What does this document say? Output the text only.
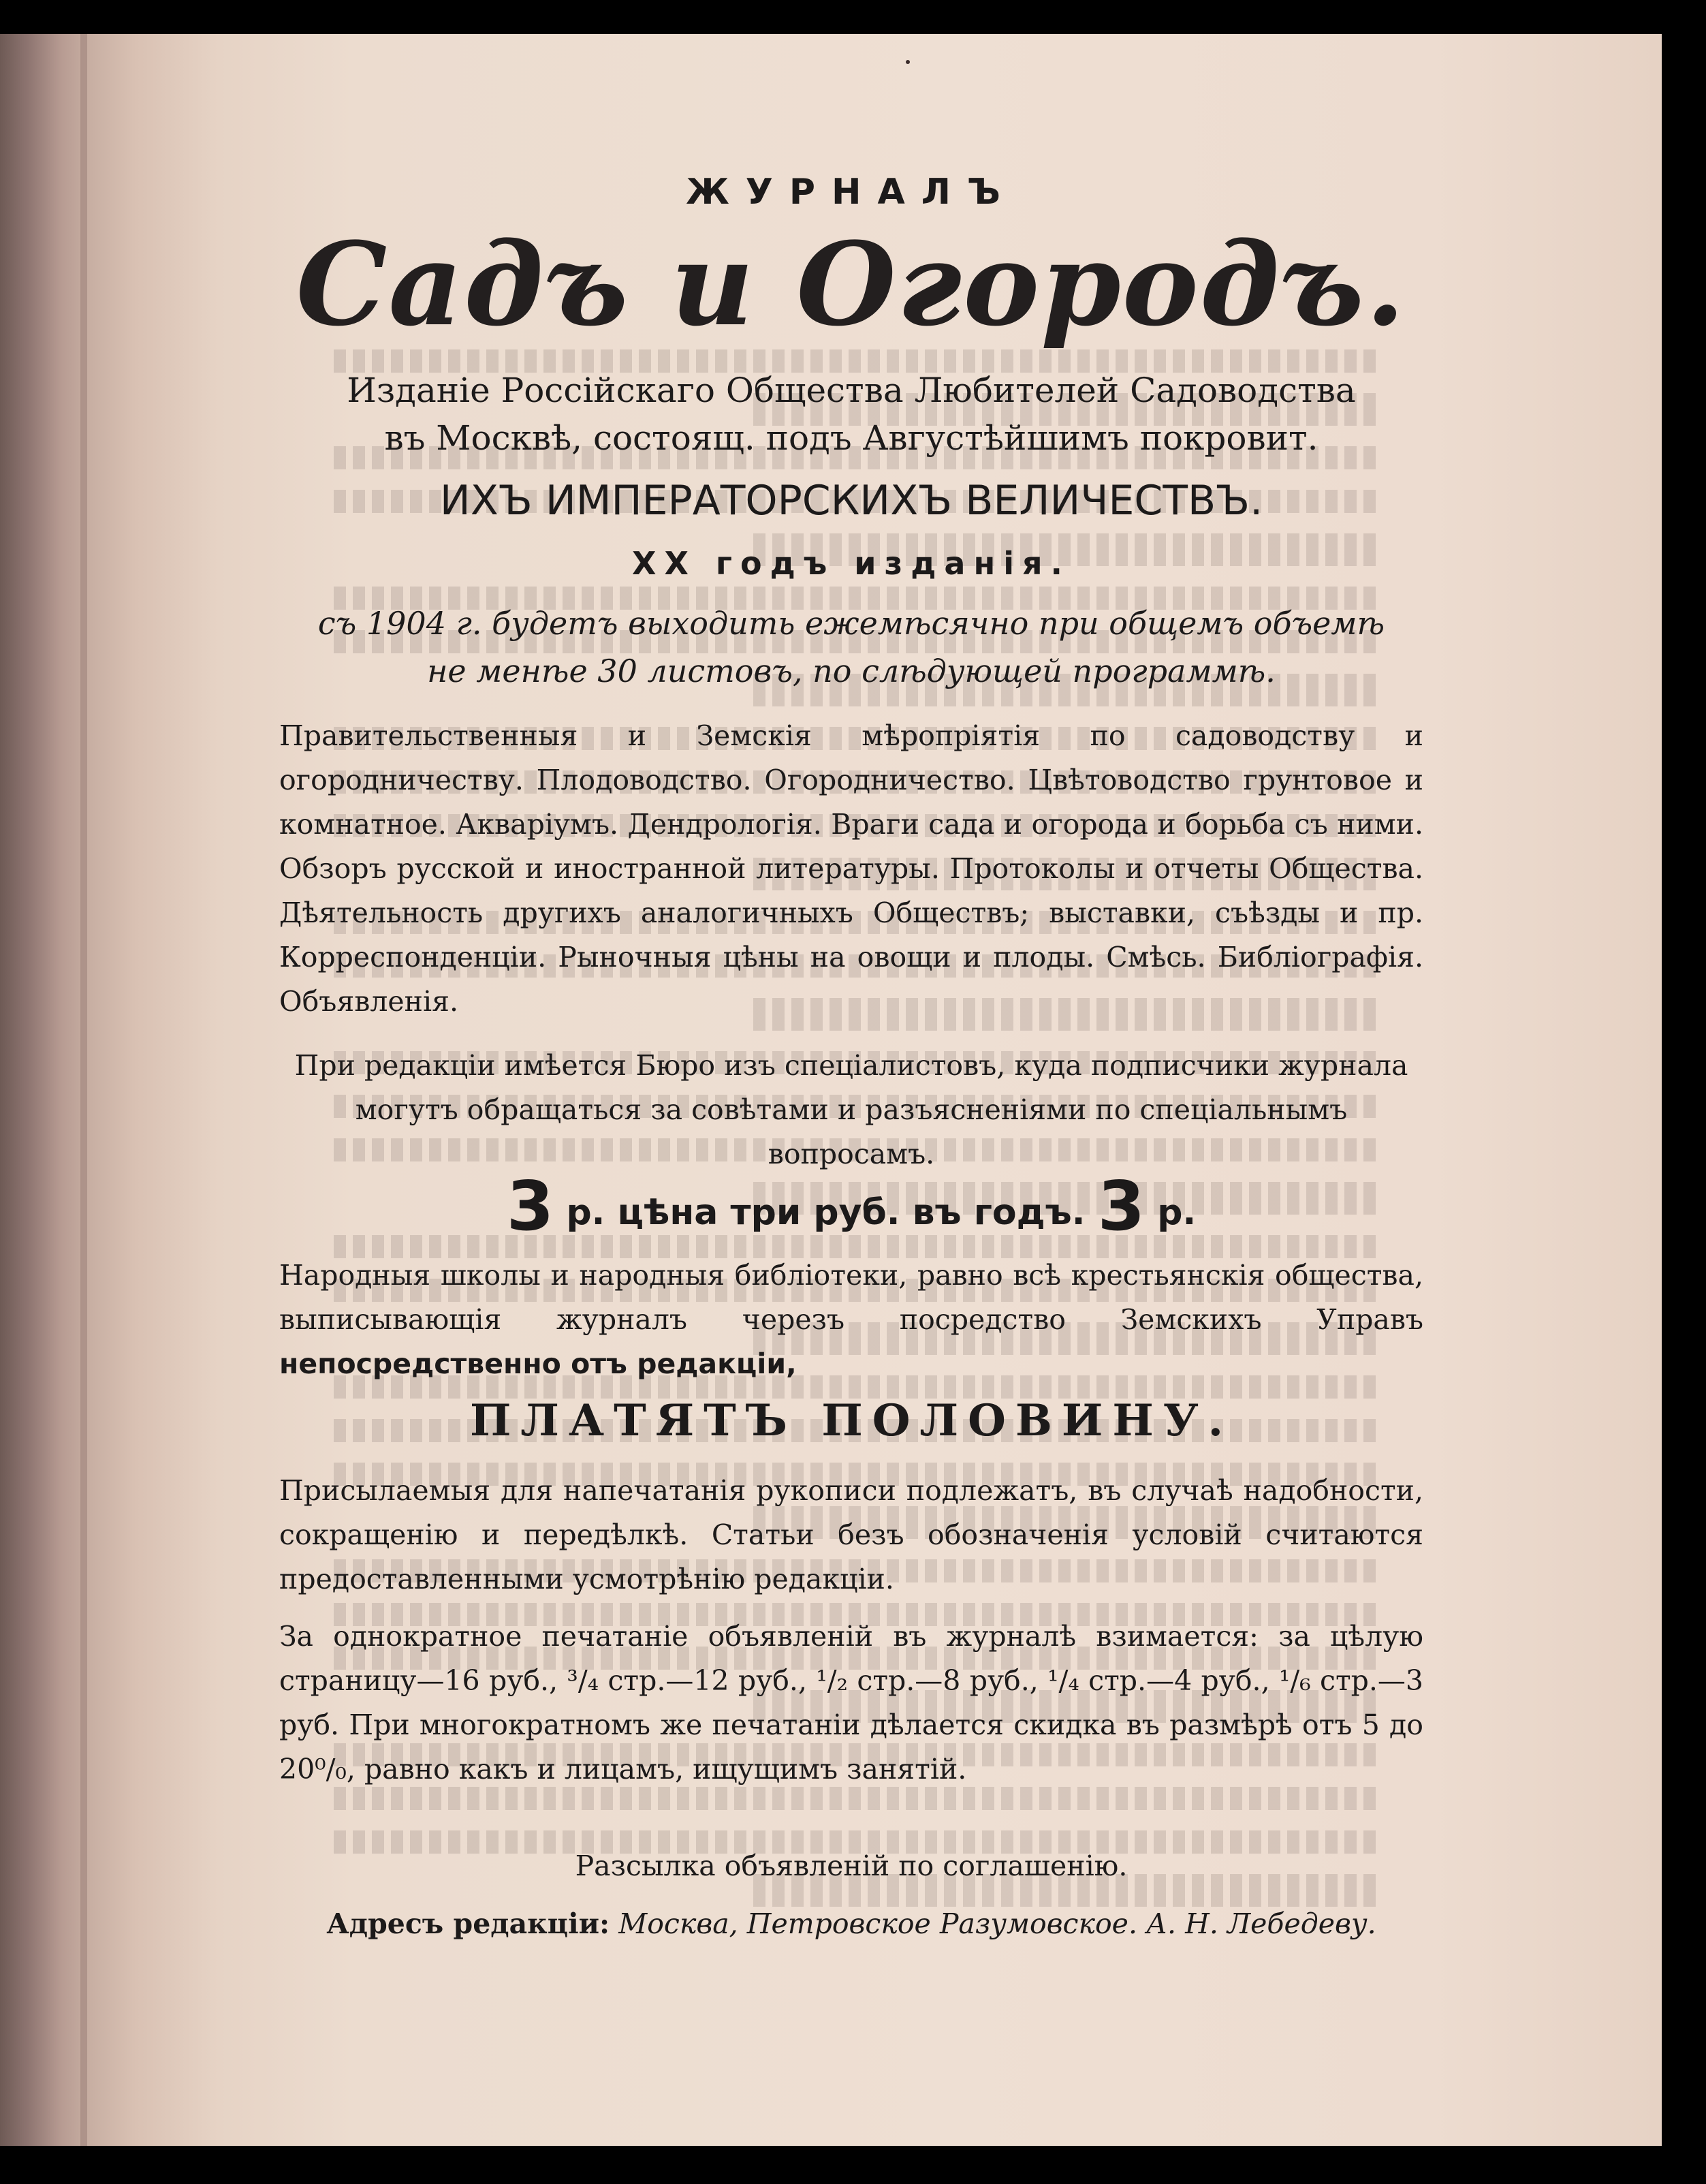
ЖУРНАЛЪ
Садъ и Огородъ.
Изданіе Россійскаго Общества Любителей Садоводства
въ Москвѣ, состоящ. подъ Августѣйшимъ покровит.
ИХЪ ИМПЕРАТОРСКИХЪ ВЕЛИЧЕСТВЪ.
XX годъ изданія.
съ 1904 г. будетъ выходить ежемѣсячно при общемъ объемѣ
не менѣе 30 листовъ, по слѣдующей программѣ.
Правительственныя и Земскія мѣропріятія по садоводству и огородничеству. Плодоводство. Огородничество. Цвѣтоводство грунтовое и комнатное. Акваріумъ. Дендрологія. Враги сада и огорода и борьба съ ними. Обзоръ русской и иностранной литературы. Протоколы и отчеты Общества. Дѣятельность другихъ аналогичныхъ Обществъ; выставки, съѣзды и пр. Корреспонденціи. Рыночныя цѣны на овощи и плоды. Смѣсь. Библіографія. Объявленія.
При редакціи имѣется Бюро изъ спеціалистовъ, куда подписчики журнала могутъ обращаться за совѣтами и разъясненіями по спеціальнымъ вопросамъ.
3 р. цѣна три руб. въ годъ. 3 р.
Народныя школы и народныя библіотеки, равно всѣ крестьянскія общества, выписывающія журналъ черезъ посредство Земскихъ Управъ непосредственно отъ редакціи,
ПЛАТЯТЪ ПОЛОВИНУ.
Присылаемыя для напечатанія рукописи подлежатъ, въ случаѣ надобности, сокращенію и передѣлкѣ. Статьи безъ обозначенія условій считаются предоставленными усмотрѣнію редакціи.
За однократное печатаніе объявленій въ журналѣ взимается: за цѣлую страницу—16 руб., ³/₄ стр.—12 руб., ¹/₂ стр.—8 руб., ¹/₄ стр.—4 руб., ¹/₆ стр.—3 руб. При многократномъ же печатаніи дѣлается скидка въ размѣрѣ отъ 5 до 20⁰/₀, равно какъ и лицамъ, ищущимъ занятій.
Разсылка объявленій по соглашенію.
Адресъ редакціи: Москва, Петровское Разумовское. А. Н. Лебедеву.
